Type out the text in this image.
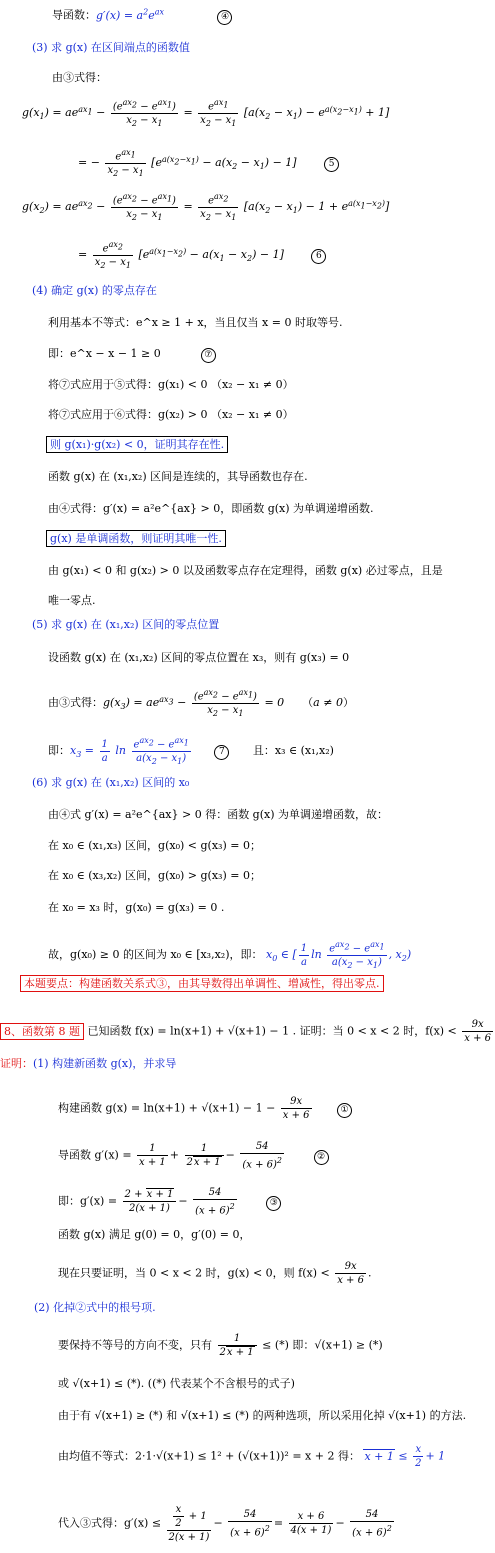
导函数：$g'(x) = a^2e^{ax}$ ④
(3) 求 g(x) 在区间端点的函数值
由③式得：
$g(x_1) = ae^{ax_1} - \frac{(e^{ax_2} - e^{ax_1})}{x_2 - x_1} = \frac{e^{ax_1}}{x_2 - x_1} [a(x_2 - x_1) - e^{a(x_2-x_1)} + 1]$
= − $\frac{e^{ax_1}}{x_2 - x_1} [e^{a(x_2-x_1)} - a(x_2 - x_1) - 1]$	5
$g(x_2) = ae^{ax_2} - \frac{(e^{ax_2} - e^{ax_1})}{x_2 - x_1} = \frac{e^{ax_2}}{x_2 - x_1} [a(x_2 - x_1) - 1 + e^{a(x_1-x_2)}]$
= $\frac{e^{ax_2}}{x_2 - x_1} [e^{a(x_1-x_2)} - a(x_1 - x_2) - 1]$	6
(4) 确定 g(x) 的零点存在
利用基本不等式：e^x ≥ 1 + x，当且仅当 x = 0 时取等号.
即：e^x − x − 1 ≥ 0	⑦
将⑦式应用于⑤式得：g(x₁) < 0 （x₂ − x₁ ≠ 0）
将⑦式应用于⑥式得：g(x₂) > 0 （x₂ − x₁ ≠ 0）
则 g(x₁)·g(x₂) < 0，证明其存在性.
函数 g(x) 在 (x₁,x₂) 区间是连续的，其导函数也存在.
由④式得：g′(x) = a²e^{ax} > 0，即函数 g(x) 为单调递增函数.
g(x) 是单调函数，则证明其唯一性.
由 g(x₁) < 0 和 g(x₂) > 0 以及函数零点存在定理得，函数 g(x) 必过零点，且是
唯一零点.
(5) 求 g(x) 在 (x₁,x₂) 区间的零点位置
设函数 g(x) 在 (x₁,x₂) 区间的零点位置在 x₃，则有 g(x₃) = 0
由③式得：$g(x_3) = ae^{ax_3} - \frac{(e^{ax_2} - e^{ax_1})}{x_2 - x_1} = 0$ （a ≠ 0）
即：$x_3 = \frac{1}{a}$ $\ln \frac{e^{ax_2} - e^{ax_1}}{a(x_2 - x_1)}$	7	且：x₃ ∈ (x₁,x₂)
(6) 求 g(x) 在 (x₁,x₂) 区间的 x₀
由④式 g′(x) = a²e^{ax} > 0 得：函数 g(x) 为单调递增函数，故：
在 x₀ ∈ (x₁,x₃) 区间，g(x₀) < g(x₃) = 0；
在 x₀ ∈ (x₃,x₂) 区间，g(x₀) > g(x₃) = 0；
在 x₀ = x₃ 时，g(x₀) = g(x₃) = 0 .
故，g(x₀) ≥ 0 的区间为 x₀ ∈ [x₃,x₂)，即： $x_0$ ∈ [ $\frac{1}{a}$ $\ln \frac{e^{ax_2} - e^{ax_1}}{a(x_2 - x_1)}$ , $x_2$)
本题要点：构建函数关系式③，由其导数得出单调性、增减性，得出零点.
8、函数第 8 题 已知函数 f(x) = ln(x+1) + √(x+1) − 1 . 证明：当 0 < x < 2 时，$f(x) < \frac{9x}{x + 6}$
证明：(1) 构建新函数 g(x)，并求导
构建函数 $g(x) = \ln(x+1) + √(x+1) - 1 - \frac{9x}{x + 6}$	①
导函数 $g'(x) = \frac{1}{x + 1} + \frac{1}{2x + 1} - \frac{54}{(x + 6)^2}$	②
即：$g'(x) = \frac{2 + x + 1}{2(x + 1)} - \frac{54}{(x + 6)^2}$	③
函数 g(x) 满足 g(0) = 0，g′(0) = 0，
现在只要证明，当 0 < x < 2 时，g(x) < 0，则 $f(x) < \frac{9x}{x + 6}$ .
(2) 化掉②式中的根号项.
要保持不等号的方向不变，只有 $\frac{1}{2x + 1}$ ≤ (*) 即：√(x+1) ≥ (*)
或 √(x+1) ≤ (*). ((*) 代表某个不含根号的式子)
由于有 √(x+1) ≥ (*) 和 √(x+1) ≤ (*) 的两种选项，所以采用化掉 √(x+1) 的方法.
由均值不等式：2·1·√(x+1) ≤ 1² + (√(x+1))² = x + 2 得： $x + 1 \le \frac{x}{2} + 1$
代入③式得：$g'(x) \le \frac{\frac{x}{2} + 1}{2(x + 1)} - \frac{54}{(x + 6)^2} = \frac{x + 6}{4(x + 1)} - \frac{54}{(x + 6)^2}$
